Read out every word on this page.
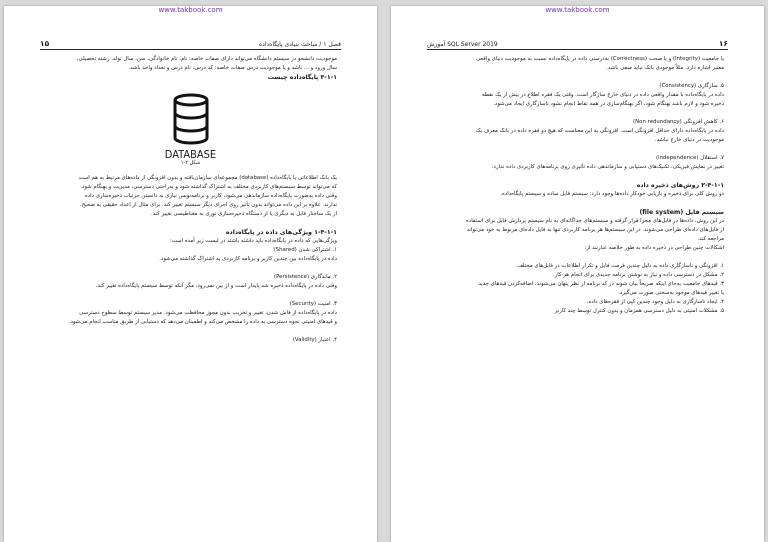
www.takbook.com
۱۵	فصل ۱ / مباحث بنیادی پایگاه‌داده

موجودیت دانشجو در سیستم دانشگاه می‌تواند دارای صفات خاصه: نام، نام خانوادگی، سن، سال تولد، رشته تحصیلی،

سال ورود و ... باشد و یا موجودیت درس صفات خاصه: کد درس، نام درس و تعداد واحد باشد.

۴-۱-۱ پایگاه‌داده چیست

DATABASE
شکل ۲-۱

یک بانک اطلاعاتی یا پایگاه‌داده (database) مجموعه‌ای سازمان‌یافته و بدون افزونگی از داده‌های مرتبط به هم است

که می‌تواند توسط سیستم‌های کاربردی مختلف به اشتراک گذاشته شود و به‌راحتی دسترسی، مدیریت و بهنگام شود.

وقتی داده به‌صورت پایگاه‌داده سازماندهی می‌شود، کاربر و برنامه‌نویس نیازی به دانستن جزئیات ذخیره‌سازی داده

ندارند. علاوه بر این داده می‌تواند بدون تأثیر روی اجرای دیگر سیستم تغییر کند. برای مثال از اعداد حقیقی به صحیح،

از یک ساختار فایل به دیگری یا از دستگاه ذخیره‌سازی نوری به مغناطیسی تغییر کند.

۱-۴-۱-۱ ویژگی‌های داده در پایگاه‌داده

ویژگی‌هایی که داده در پایگاه‌داده باید داشته باشند در لیست زیر آمده است:

۱. اشتراکی شدن (Shared)

داده در پایگاه‌داده بین چندین کاربر و برنامه کاربردی به اشتراک گذاشته می‌شود.

۲. ماندگاری (Persistence)

وقتی داده در پایگاه‌داده ذخیره شد پایدار است و از بین نمی‌رود، مگر آنکه توسط سیستم پایگاه‌داده تغییر کند.

۳. امنیت (Security)

داده در پایگاه‌داده از فاش شدن، تغییر و تخریب بدون مجوز محافظت می‌شود. مدیر سیستم توسط سطوح دسترسی

و قیدهای امنیتی نحوه دسترسی به داده را مشخص می‌کند و اطمینان می‌دهد که دستیابی از طریق مناسب انجام می‌شود.

۴. اعتبار (Validity)

www.takbook.com
آموزش SQL Server 2019	۱۶

یا جامعیت (Integrity) و یا صحت (Correctness) به‌درستی داده در پایگاه‌داده نسبت به موجودیت دنیای واقعی

معتبر اشاره دارد. مثلاً موجودی بانک نباید منفی باشد.

۵. سازگاری (Consistency)

داده در پایگاه‌داده با مقدار واقعی داده در دنیای خارج سازگار است. وقتی یک فقره اطلاع در بیش از یک نقطه

ذخیره شود و لازم باشد بهنگام شود، اگر بهنگام‌سازی در همه نقاط انجام نشود ناسازگاری ایجاد می‌شود.

۶. کاهش افزونگی (Non redundancy)

داده در پایگاه‌داده دارای حداقل افزونگی است. افزونگی به این معناست که هیچ دو فقره داده در بانک معرف یک

موجودیت در دنیای خارج نباشد.

۷. استقلال (independence)

تغییر در نمایش فیزیکی، تکنیک‌های دستیابی و سازماندهی داده تأثیری روی برنامه‌های کاربردی داده ندارد.

۲-۴-۱-۱ روش‌های ذخیره داده

دو روش کلی برای ذخیره و بازیابی خودکار داده‌ها وجود دارد: سیستم فایل ساده و سیستم پایگاه‌داده.

سیستم فایل (file system)

در این روش، داده‌ها در فایل‌های مجزا قرار گرفته و سیستم‌های جداگانه‌ای به نام سیستم پردازش فایل برای استفاده

از فایل‌های داده‌ای طراحی می‌شوند. در این سیستم‌ها هر برنامه کاربردی تنها به فایل داده‌ای مربوط به خود می‌تواند

مراجعه کند.

اشکالات چنین طراحی در ذخیره داده به طور خلاصه عبارتند از:

۱. افزونگی و ناسازگاری داده به دلیل چندین فرمت فایل و تکرار اطلاعات در فایل‌های مختلف.

۲. مشکل در دسترسی داده و نیاز به نوشتن برنامه جدیدی برای انجام هر کار.

۳. قیدهای جامعیت به‌جای اینکه صریحاً بیان شوند در کد برنامه از نظر پنهان می‌شوند. اضافه‌کردن قیدهای جدید

یا تغییر قیدهای موجود به‌سختی صورت می‌گیرد.

۴. ایجاد ناسازگاری به دلیل وجود چندین کپی از فقره‌های داده.

۵. مشکلات امنیتی به دلیل دسترسی همزمان و بدون کنترل توسط چند کاربر
